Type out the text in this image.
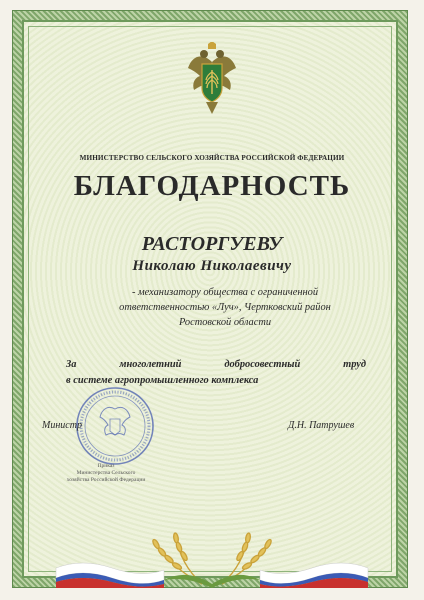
МИНИСТЕРСТВО СЕЛЬСКОГО ХОЗЯЙСТВА РОССИЙСКОЙ ФЕДЕРАЦИИ
БЛАГОДАРНОСТЬ
РАСТОРГУЕВУ
Николаю Николаевичу
- механизатору общества с ограниченной
ответственностью «Луч», Чертковский район
Ростовской области
За многолетний добросовестный труд
в системе агропромышленного комплекса
Министр	Д.Н. Патрушев
Приказ
Министерства Сельского
хозяйства Российской Федерации
